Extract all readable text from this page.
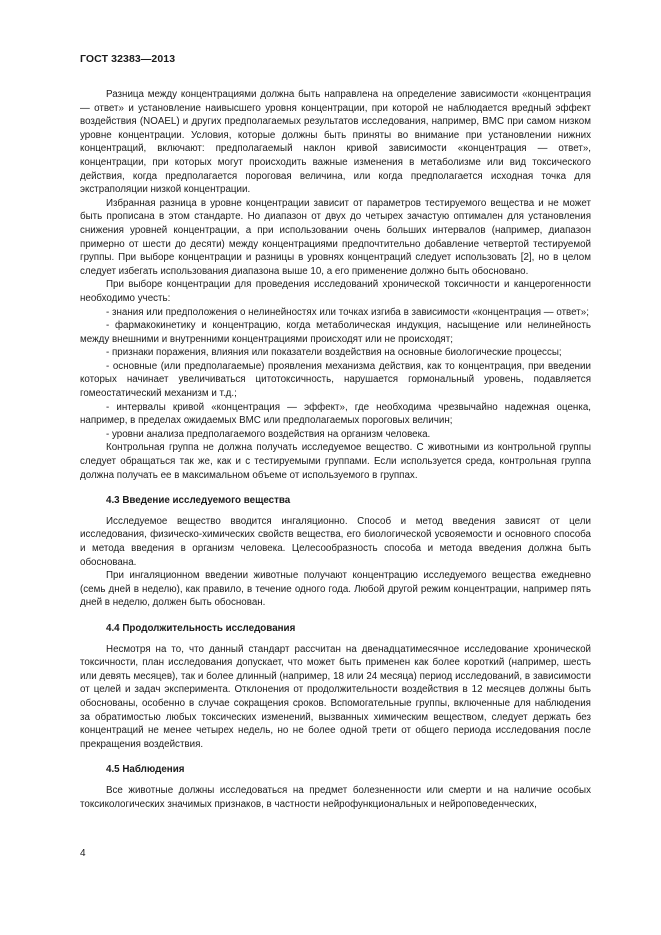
ГОСТ 32383—2013

Разница между концентрациями должна быть направлена на определение зависимости «концентрация — ответ» и установление наивысшего уровня концентрации, при которой не наблюдается вредный эффект воздействия (NOAEL) и других предполагаемых результатов исследования, например, BMC при самом низком уровне концентрации. Условия, которые должны быть приняты во внимание при установлении нижних концентраций, включают: предполагаемый наклон кривой зависимости «концентрация — ответ», концентрации, при которых могут происходить важные изменения в метаболизме или вид токсического действия, когда предполагается пороговая величина, или когда предполагается исходная точка для экстраполяции низкой концентрации.

Избранная разница в уровне концентрации зависит от параметров тестируемого вещества и не может быть прописана в этом стандарте. Но диапазон от двух до четырех зачастую оптимален для установления снижения уровней концентрации, а при использовании очень больших интервалов (например, диапазон примерно от шести до десяти) между концентрациями предпочтительно добавление четвертой тестируемой группы. При выборе концентрации и разницы в уровнях концентраций следует использовать [2], но в целом следует избегать использования диапазона выше 10, а его применение должно быть обосновано.

При выборе концентрации для проведения исследований хронической токсичности и канцерогенности необходимо учесть:

- знания или предположения о нелинейностях или точках изгиба в зависимости «концентрация — ответ»;

- фармакокинетику и концентрацию, когда метаболическая индукция, насыщение или нелинейность между внешними и внутренними концентрациями происходят или не происходят;

- признаки поражения, влияния или показатели воздействия на основные биологические процессы;

- основные (или предполагаемые) проявления механизма действия, как то концентрация, при введении которых начинает увеличиваться цитотоксичность, нарушается гормональный уровень, подавляется гомеостатический механизм и т.д.;

- интервалы кривой «концентрация — эффект», где необходима чрезвычайно надежная оценка, например, в пределах ожидаемых BMC или предполагаемых пороговых величин;

- уровни анализа предполагаемого воздействия на организм человека.

Контрольная группа не должна получать исследуемое вещество. С животными из контрольной группы следует обращаться так же, как и с тестируемыми группами. Если используется среда, контрольная группа должна получать ее в максимальном объеме от используемого в группах.

4.3 Введение исследуемого вещества

Исследуемое вещество вводится ингаляционно. Способ и метод введения зависят от цели исследования, физическо-химических свойств вещества, его биологической усвояемости и основного способа и метода введения в организм человека. Целесообразность способа и метода введения должна быть обоснована.

При ингаляционном введении животные получают концентрацию исследуемого вещества ежедневно (семь дней в неделю), как правило, в течение одного года. Любой другой режим концентрации, например пять дней в неделю, должен быть обоснован.

4.4 Продолжительность исследования

Несмотря на то, что данный стандарт рассчитан на двенадцатимесячное исследование хронической токсичности, план исследования допускает, что может быть применен как более короткий (например, шесть или девять месяцев), так и более длинный (например, 18 или 24 месяца) период исследований, в зависимости от целей и задач эксперимента. Отклонения от продолжительности воздействия в 12 месяцев должны быть обоснованы, особенно в случае сокращения сроков. Вспомогательные группы, включенные для наблюдения за обратимостью любых токсических изменений, вызванных химическим веществом, следует держать без концентраций не менее четырех недель, но не более одной трети от общего периода исследования после прекращения воздействия.

4.5 Наблюдения

Все животные должны исследоваться на предмет болезненности или смерти и на наличие особых токсикологических значимых признаков, в частности нейрофункциональных и нейроповеденческих,

4
